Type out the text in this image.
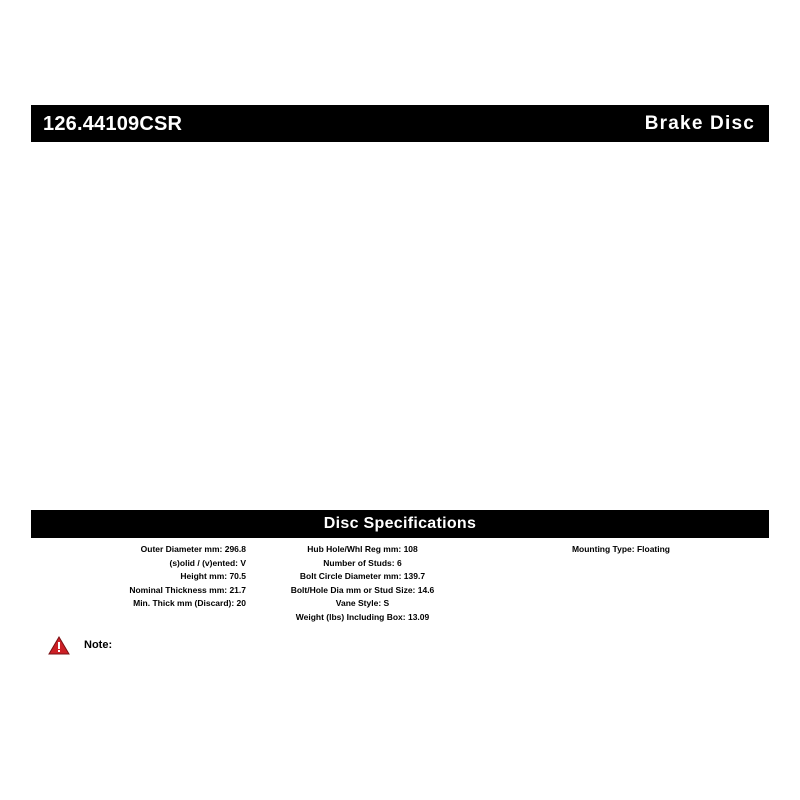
126.44109CSR	Brake Disc
Disc Specifications
Outer Diameter mm: 296.8
(s)olid / (v)ented: V
Height mm: 70.5
Nominal Thickness mm: 21.7
Min. Thick mm (Discard): 20
Hub Hole/Whl Reg mm: 108
Number of Studs: 6
Bolt Circle Diameter mm: 139.7
Bolt/Hole Dia mm or Stud Size: 14.6
Vane Style: S
Weight (lbs) Including Box: 13.09
Mounting Type: Floating
Note:
